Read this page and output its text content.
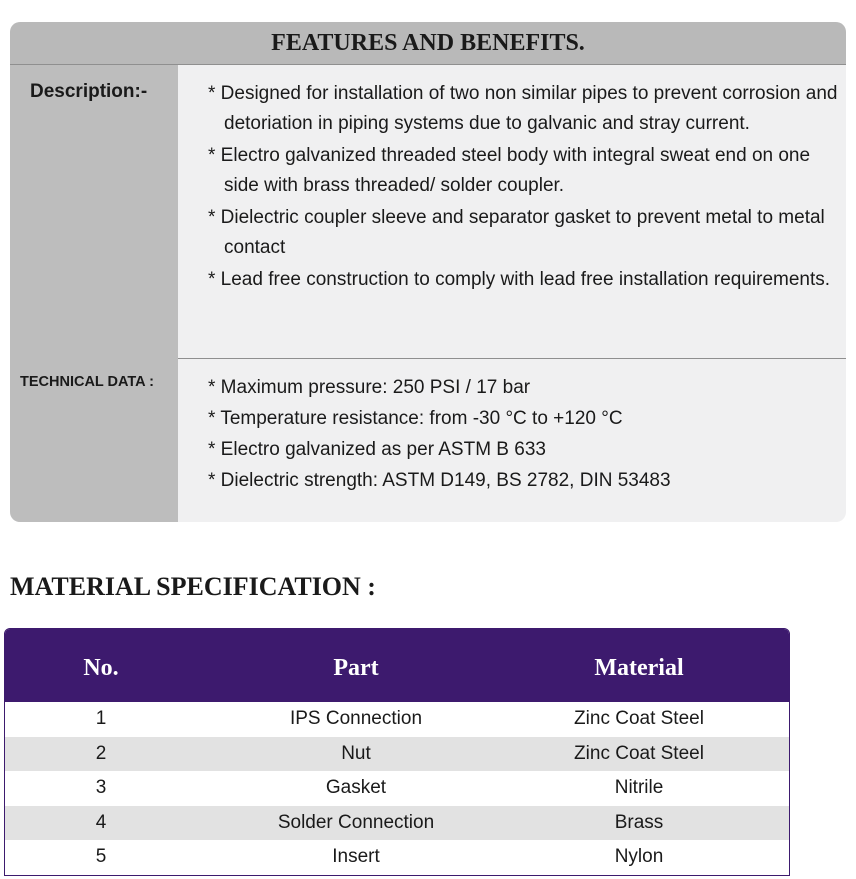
FEATURES AND BENEFITS.
Description:-	* Designed for installation of two non similar pipes to prevent corrosion and detoriation in piping systems due to galvanic and stray current.

* Electro galvanized threaded steel body with integral sweat end on one side with brass threaded/ solder coupler.

* Dielectric coupler sleeve and separator gasket to prevent metal to metal contact

* Lead free construction to comply with lead free installation requirements.

TECHNICAL DATA :	* Maximum pressure: 250 PSI / 17 bar

* Temperature resistance: from -30 °C to +120 °C

* Electro galvanized as per ASTM B 633

* Dielectric strength: ASTM D149, BS 2782, DIN 53483

MATERIAL SPECIFICATION :
No.	Part	Material
1	IPS Connection	Zinc Coat Steel
2	Nut	Zinc Coat Steel
3	Gasket	Nitrile
4	Solder Connection	Brass
5	Insert	Nylon
